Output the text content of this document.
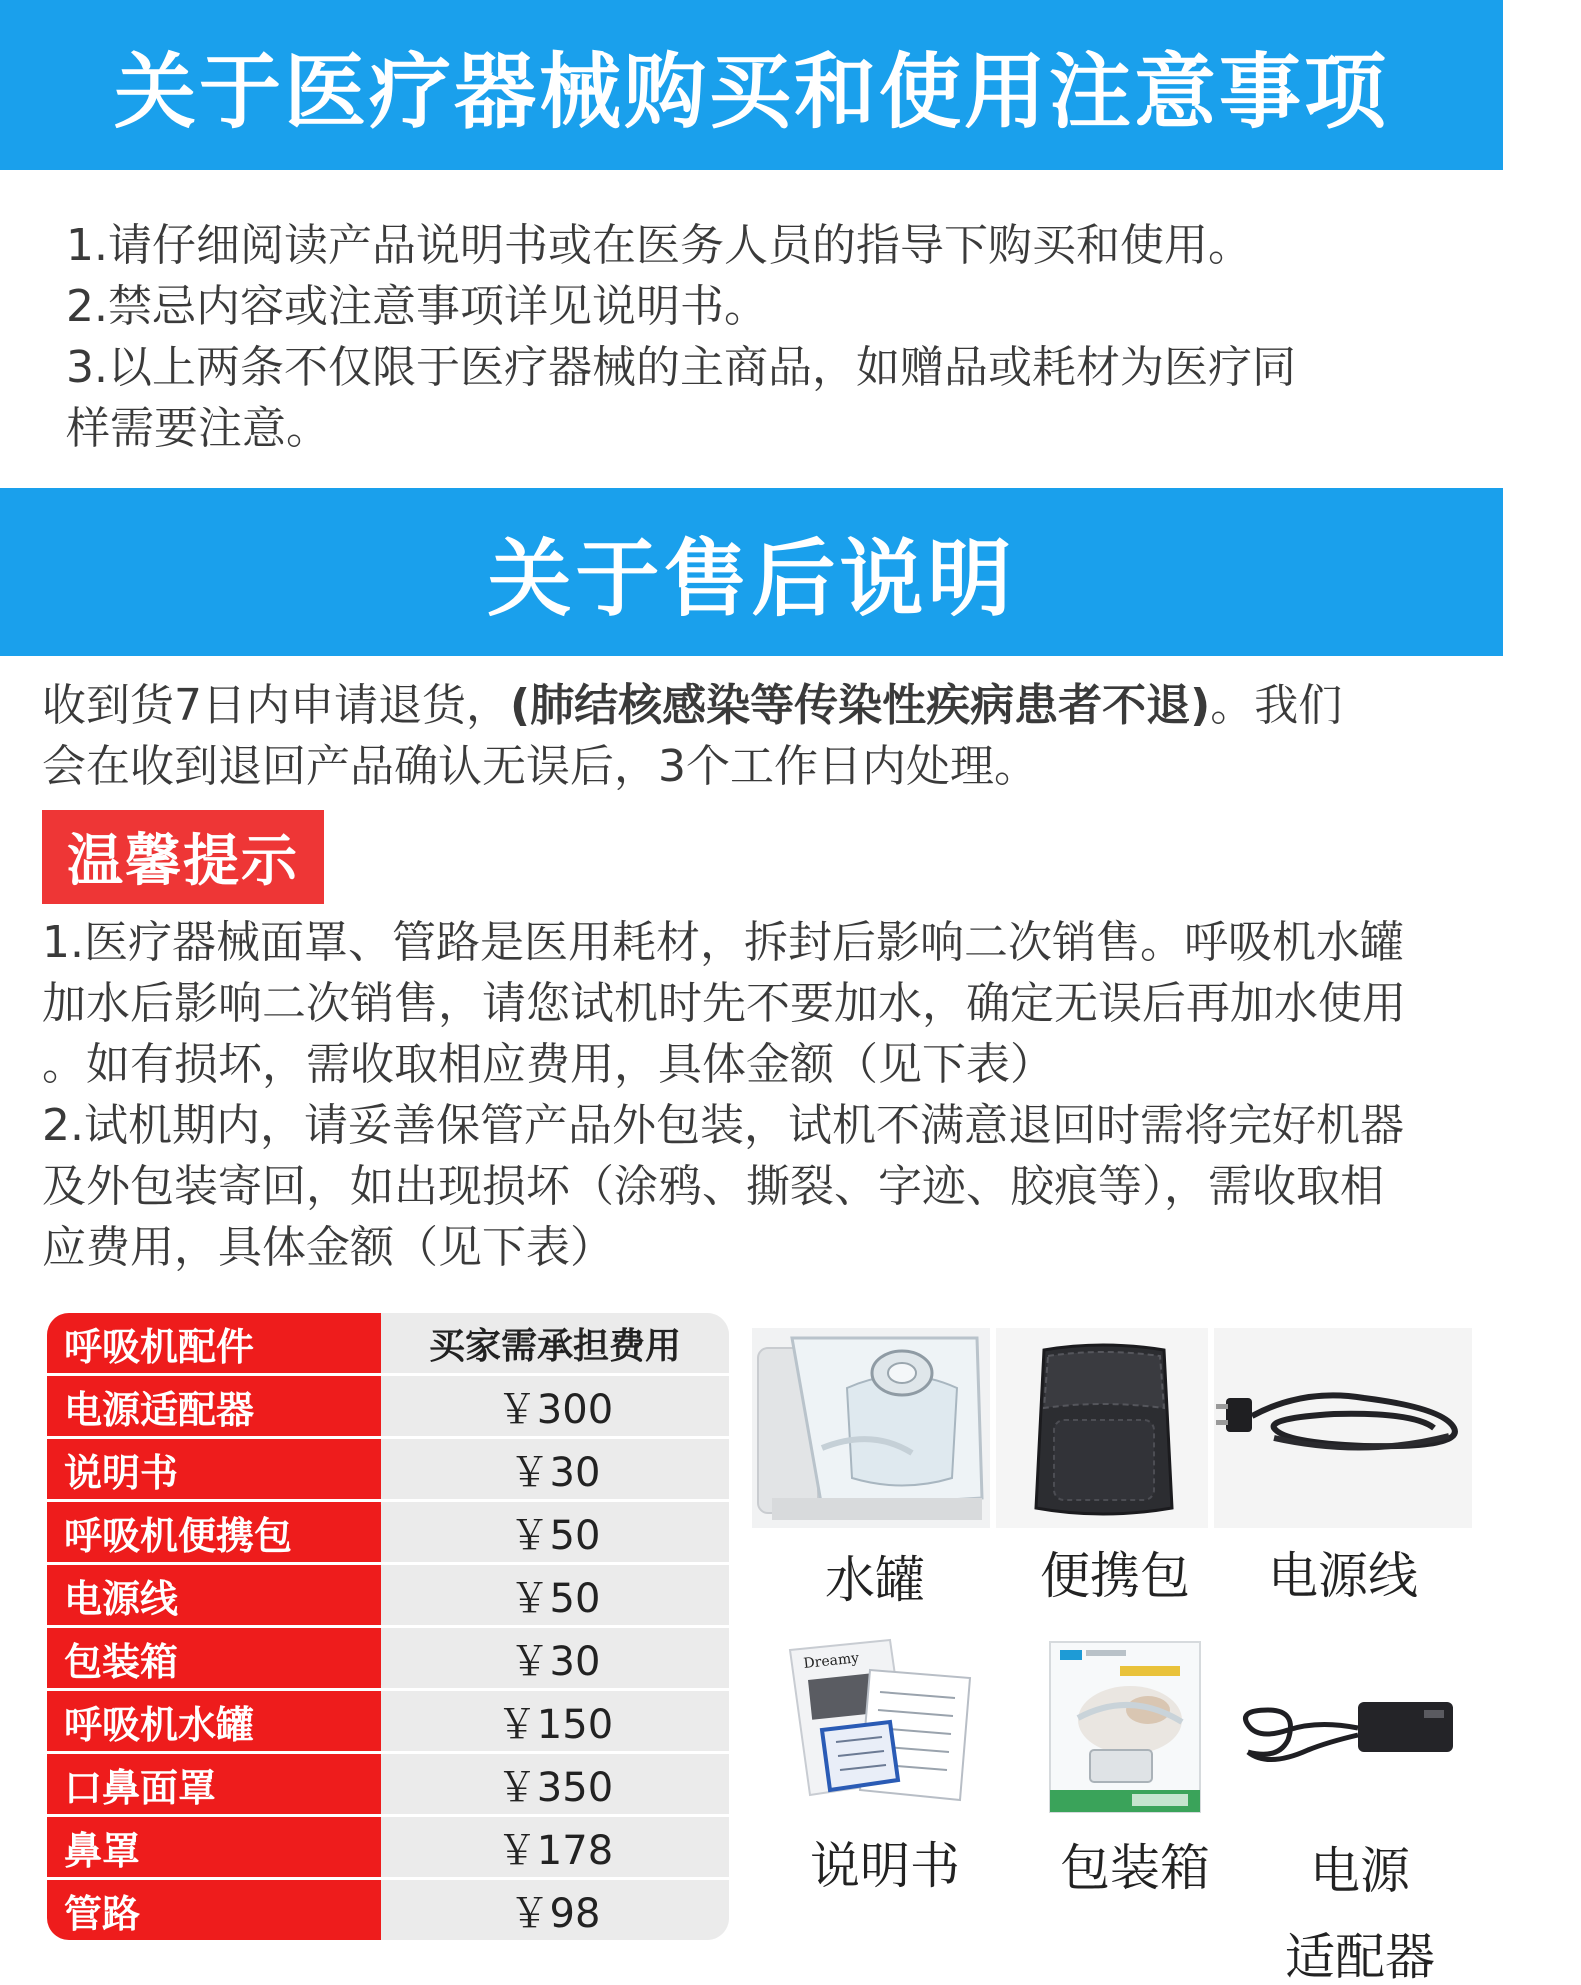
关于医疗器械购买和使用注意事项
1.请仔细阅读产品说明书或在医务人员的指导下购买和使用。
2.禁忌内容或注意事项详见说明书。
3.以上两条不仅限于医疗器械的主商品，如赠品或耗材为医疗同
样需要注意。
关于售后说明
收到货7日内申请退货，(肺结核感染等传染性疾病患者不退)。我们
会在收到退回产品确认无误后，3个工作日内处理。
温馨提示
1.医疗器械面罩、管路是医用耗材，拆封后影响二次销售。呼吸机水罐
加水后影响二次销售，请您试机时先不要加水，确定无误后再加水使用
。如有损坏，需收取相应费用，具体金额（见下表）
2.试机期内，请妥善保管产品外包装，试机不满意退回时需将完好机器
及外包装寄回，如出现损坏（涂鸦、撕裂、字迹、胶痕等），需收取相
应费用，具体金额（见下表）
呼吸机配件	买家需承担费用
电源适配器	￥300
说明书	￥30
呼吸机便携包	￥50
电源线	￥50
包装箱	￥30
呼吸机水罐	￥150
口鼻面罩	￥350
鼻罩	￥178
管路	￥98
水罐	便携包 电源线
Dreamy
说明书	包装箱	电源
适配器
